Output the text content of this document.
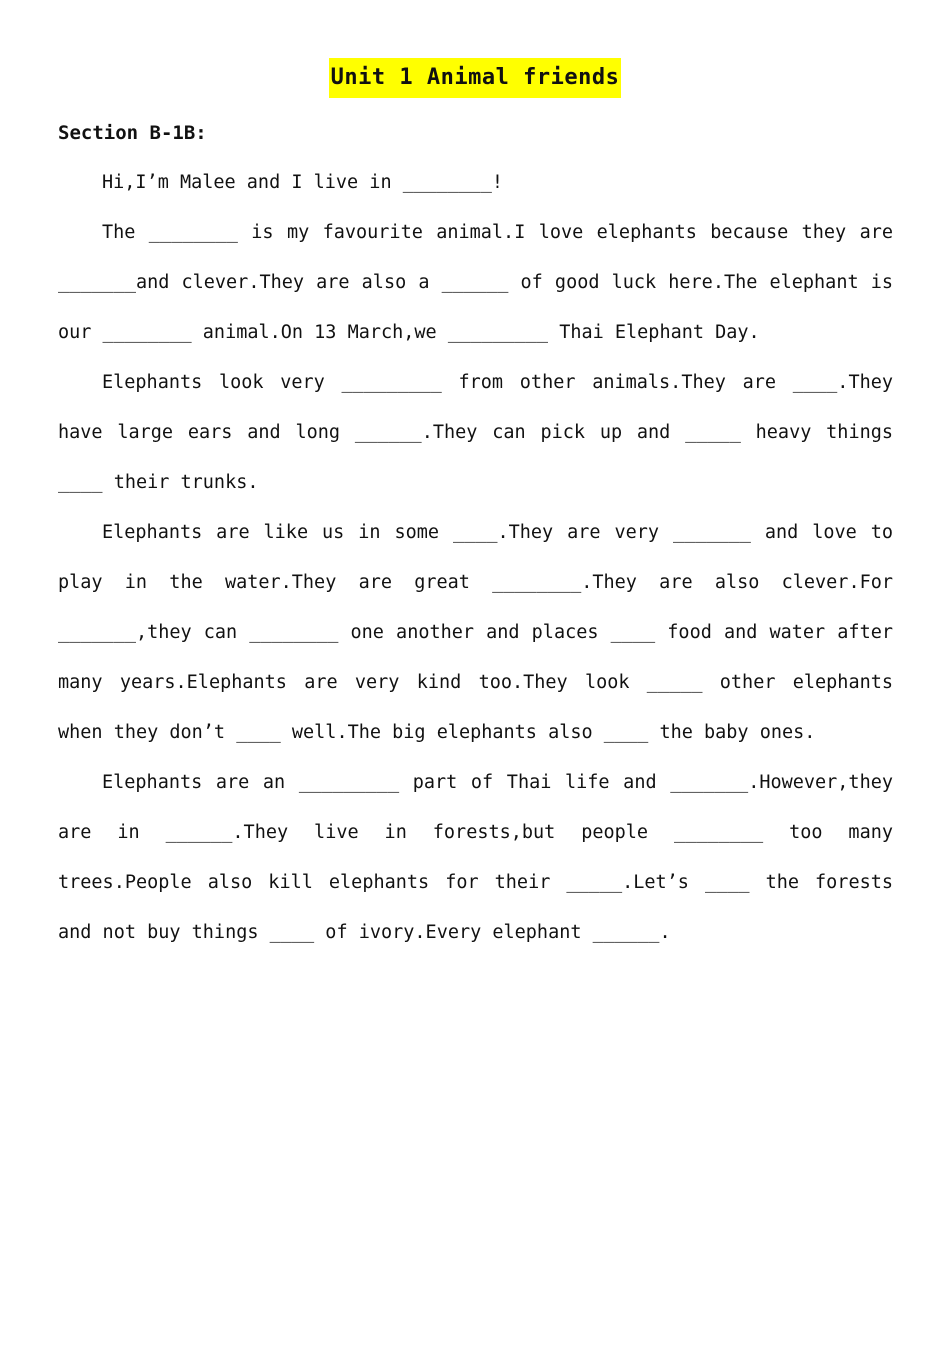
Unit 1 Animal friends
Section B-1B:

Hi,I’m Malee and I live in ________!

The ________ is my favourite animal.I love elephants because they are _______and clever.They are also a ______ of good luck here.The elephant is our ________ animal.On 13 March,we _________ Thai Elephant Day.

Elephants look very _________ from other animals.They are ____.They have large ears and long ______.They can pick up and _____ heavy things ____ their trunks.

Elephants are like us in some ____.They are very _______ and love to play in the water.They are great ________.They are also clever.For _______,they can ________ one another and places ____ food and water after many years.Elephants are very kind too.They look _____ other elephants when they don’t ____ well.The big elephants also ____ the baby ones.

Elephants are an _________ part of Thai life and _______.However,they are in ______.They live in forests,but people ________ too many trees.People also kill elephants for their _____.Let’s ____ the forests and not buy things ____ of ivory.Every elephant ______.
